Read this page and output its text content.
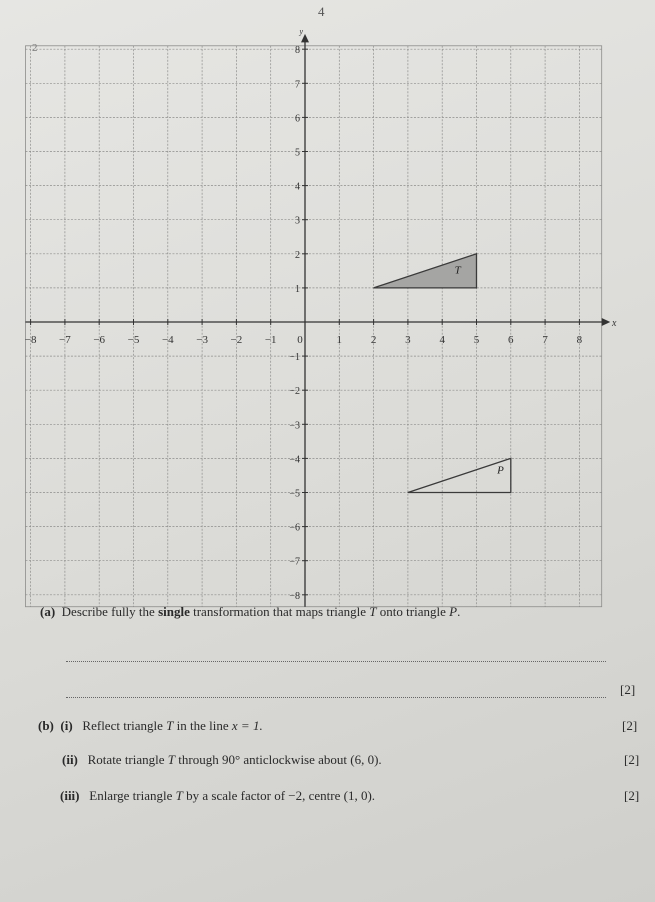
4
2
x
y
−8 −7 −6 −5 −4 −3 −2 −1 0	1	2	3	4	5	6	7	8
1
2
3
4
5
6
7
8
−1
−2
−3
−4
−5
−6
−7
−8
T
P
(a) Describe fully the single transformation that maps triangle T onto triangle P.
[2]
(b) (i) Reflect triangle T in the line x = 1.	[2]
(ii) Rotate triangle T through 90° anticlockwise about (6, 0).	[2]
(iii) Enlarge triangle T by a scale factor of −2, centre (1, 0).	[2]
